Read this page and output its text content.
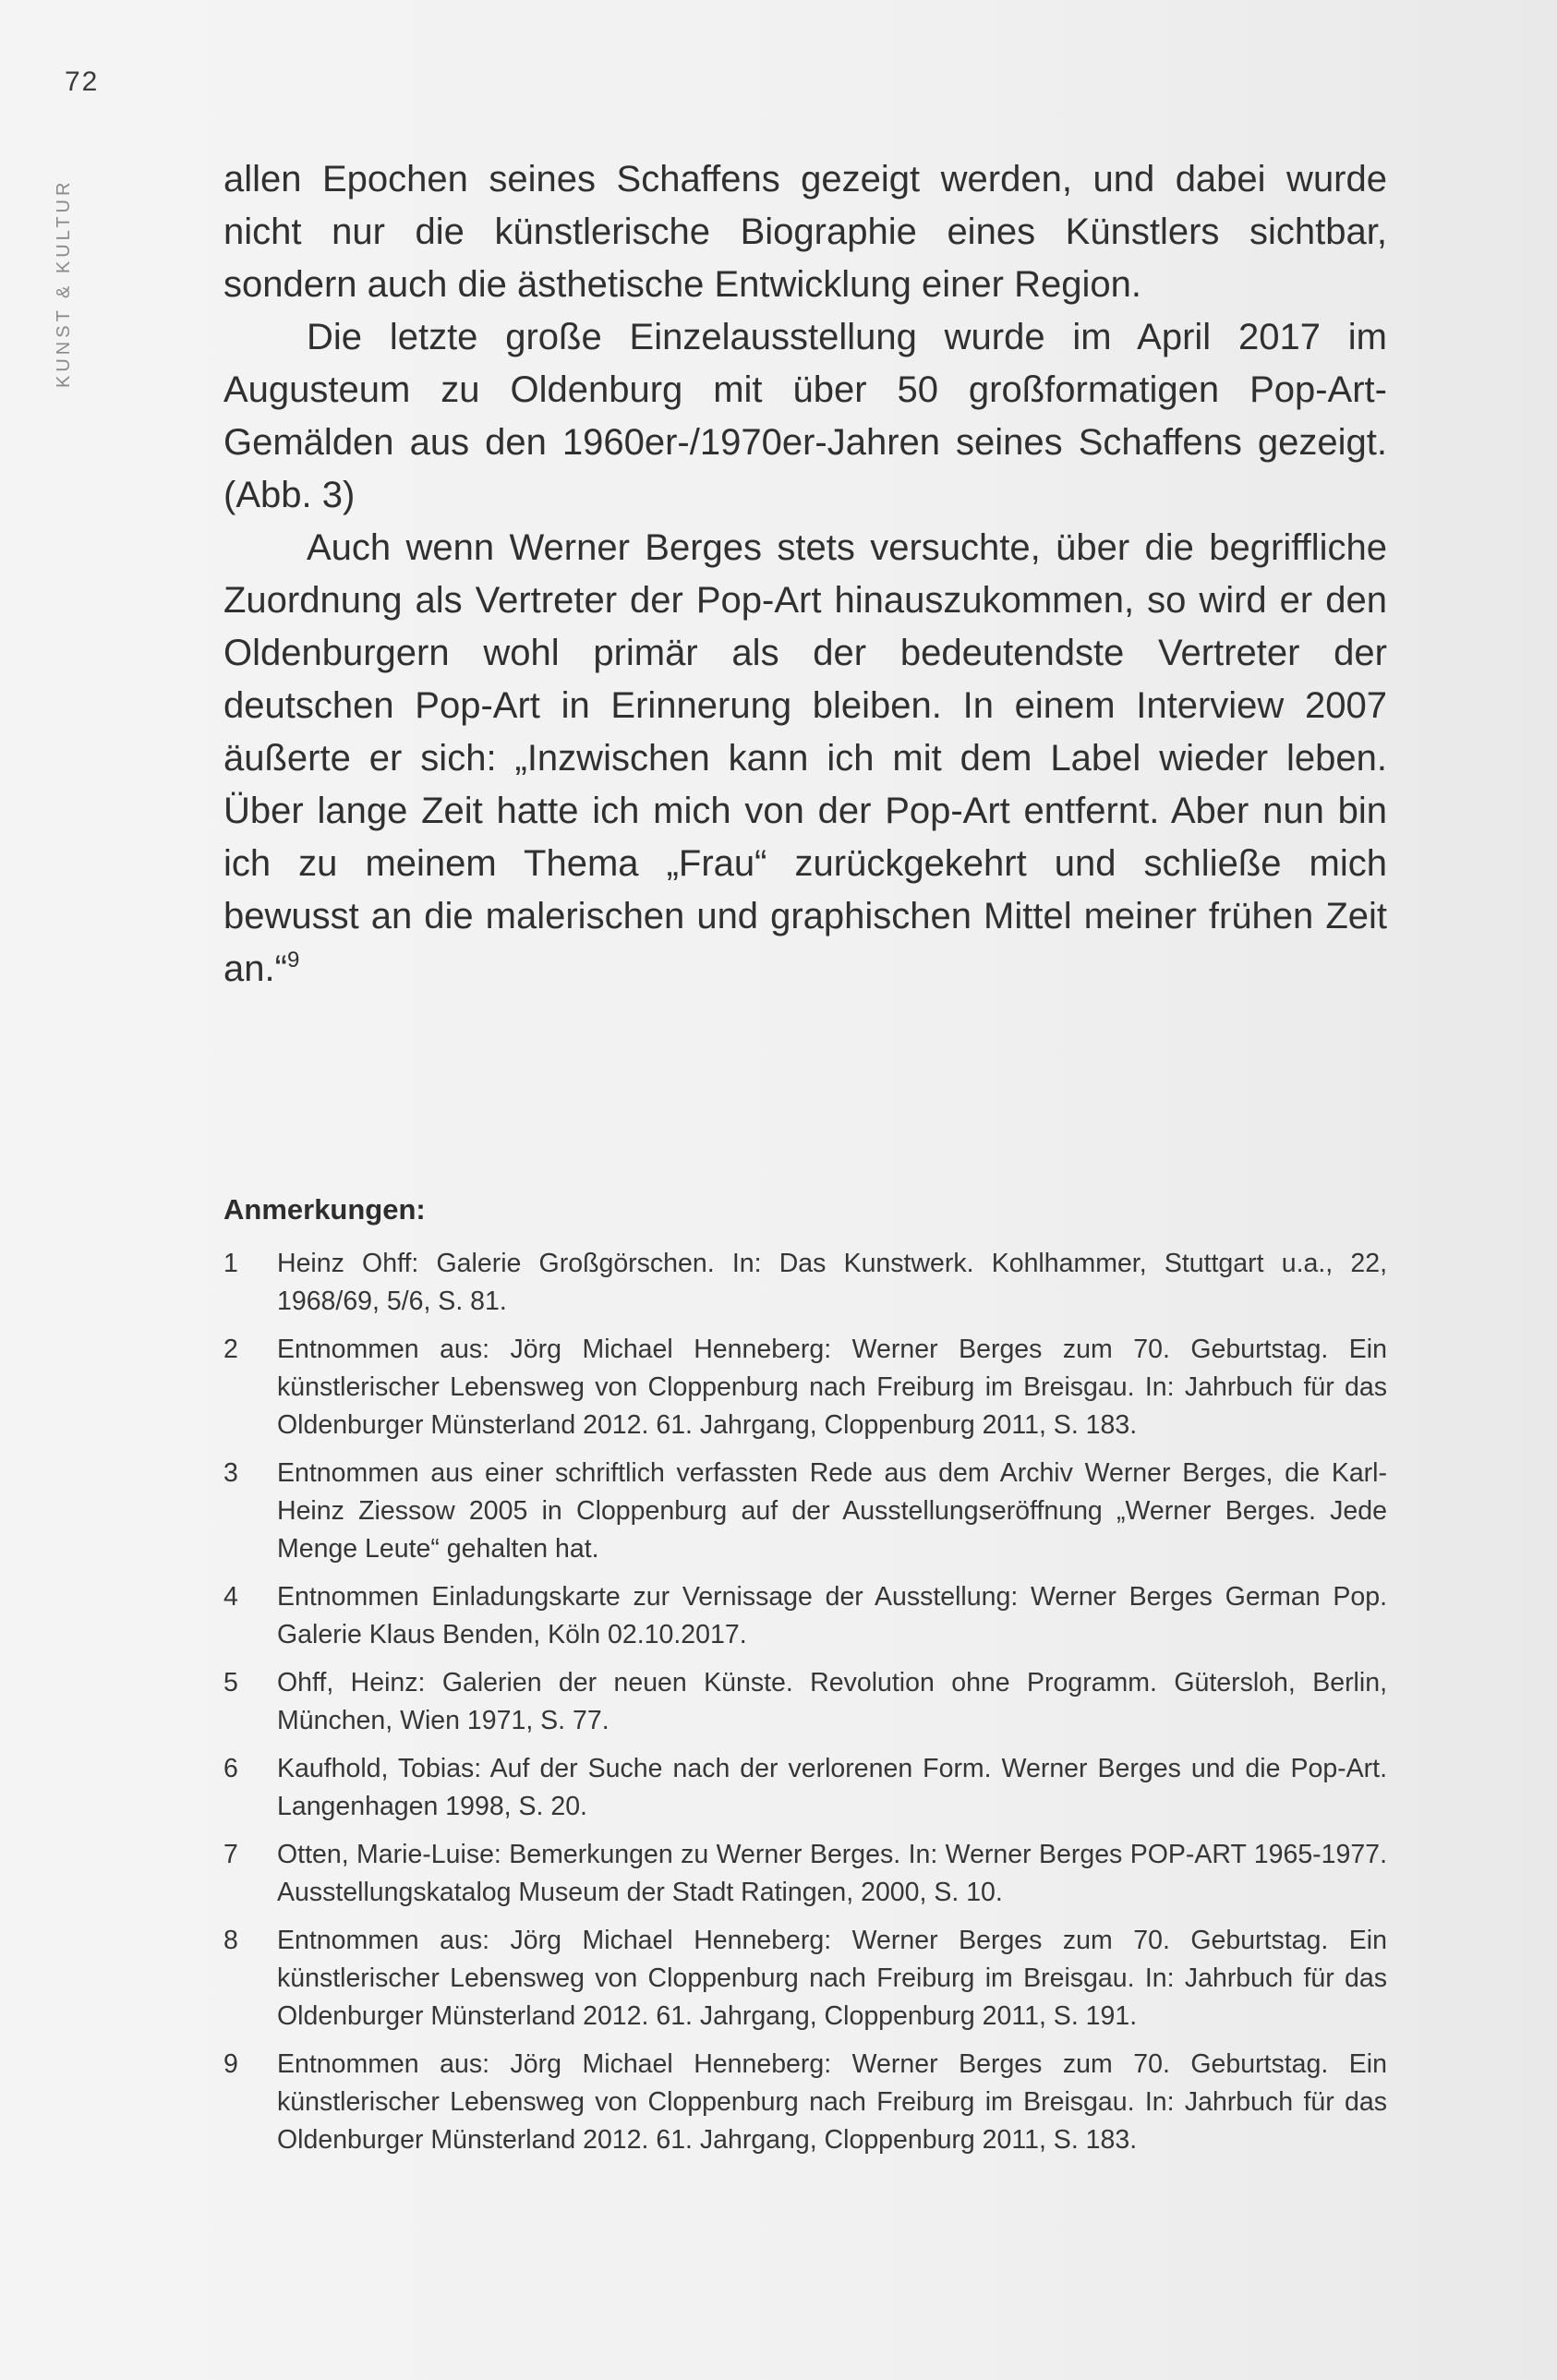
72
KUNST & KULTUR	allen Epochen seines Schaffens gezeigt werden, und dabei wurde nicht nur die künstlerische Biographie eines Künstlers sichtbar, sondern auch die ästhetische Entwicklung einer Region.

Die letzte große Einzelausstellung wurde im April 2017 im Augusteum zu Oldenburg mit über 50 großformatigen Pop-Art-Gemälden aus den 1960er-/1970er-Jahren seines Schaffens gezeigt. (Abb. 3)

Auch wenn Werner Berges stets versuchte, über die begriffliche Zuordnung als Vertreter der Pop-Art hinauszukommen, so wird er den Oldenburgern wohl primär als der bedeutendste Vertreter der deutschen Pop-Art in Erinnerung bleiben. In einem Interview 2007 äußerte er sich: „Inzwischen kann ich mit dem Label wieder leben. Über lange Zeit hatte ich mich von der Pop-Art entfernt. Aber nun bin ich zu meinem Thema „Frau“ zurückgekehrt und schließe mich bewusst an die malerischen und graphischen Mittel meiner frühen Zeit an.“$^9$

Anmerkungen:
1	Heinz Ohff: Galerie Großgörschen. In: Das Kunstwerk. Kohlhammer, Stuttgart u.a., 22, 1968/69, 5/6, S. 81.
2	Entnommen aus: Jörg Michael Henneberg: Werner Berges zum 70. Geburtstag. Ein künstlerischer Lebensweg von Cloppenburg nach Freiburg im Breisgau. In: Jahrbuch für das Oldenburger Münsterland 2012. 61. Jahrgang, Cloppenburg 2011, S. 183.
3	Entnommen aus einer schriftlich verfassten Rede aus dem Archiv Werner Berges, die Karl-Heinz Ziessow 2005 in Cloppenburg auf der Ausstellungseröffnung „Werner Berges. Jede Menge Leute“ gehalten hat.
4	Entnommen Einladungskarte zur Vernissage der Ausstellung: Werner Berges German Pop. Galerie Klaus Benden, Köln 02.10.2017.
5	Ohff, Heinz: Galerien der neuen Künste. Revolution ohne Programm. Gütersloh, Berlin, München, Wien 1971, S. 77.
6	Kaufhold, Tobias: Auf der Suche nach der verlorenen Form. Werner Berges und die Pop-Art. Langenhagen 1998, S. 20.
7	Otten, Marie-Luise: Bemerkungen zu Werner Berges. In: Werner Berges POP-ART 1965-1977. Ausstellungskatalog Museum der Stadt Ratingen, 2000, S. 10.
8	Entnommen aus: Jörg Michael Henneberg: Werner Berges zum 70. Geburtstag. Ein künstlerischer Lebensweg von Cloppenburg nach Freiburg im Breisgau. In: Jahrbuch für das Oldenburger Münsterland 2012. 61. Jahrgang, Cloppenburg 2011, S. 191.
9	Entnommen aus: Jörg Michael Henneberg: Werner Berges zum 70. Geburtstag. Ein künstlerischer Lebensweg von Cloppenburg nach Freiburg im Breisgau. In: Jahrbuch für das Oldenburger Münsterland 2012. 61. Jahrgang, Cloppenburg 2011, S. 183.
